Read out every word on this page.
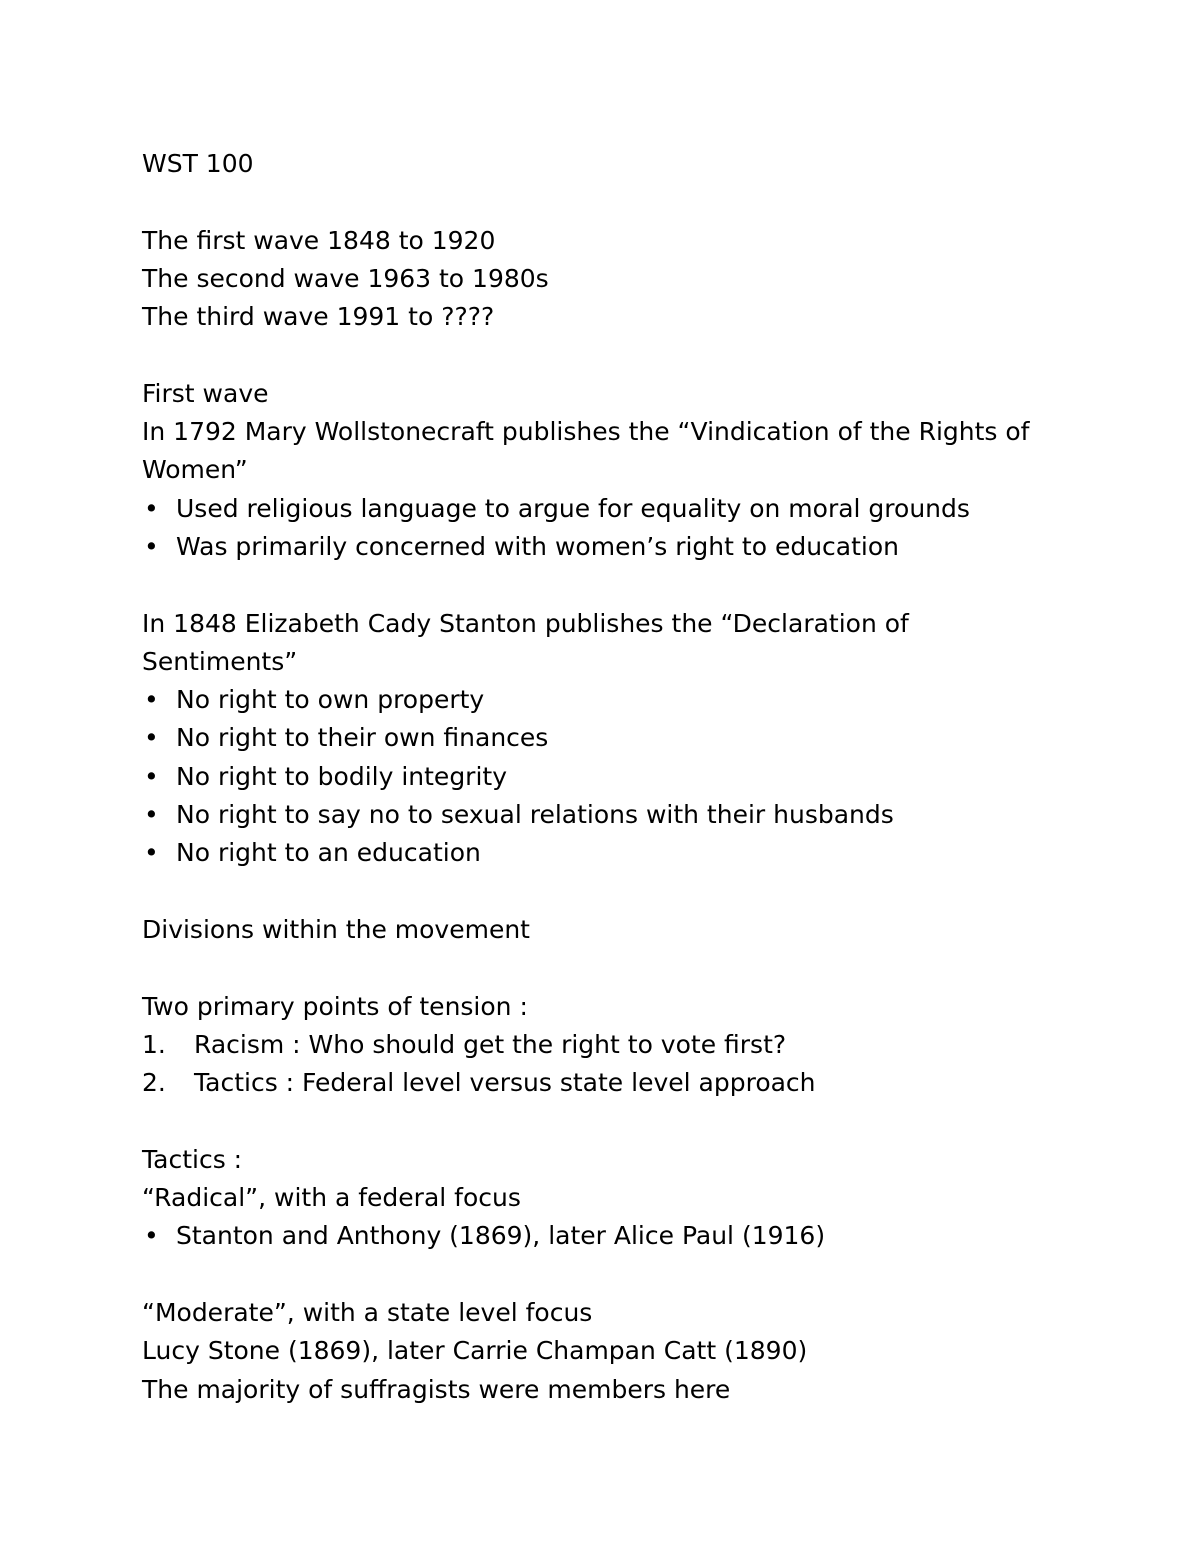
WST 100
The first wave 1848 to 1920
The second wave 1963 to 1980s
The third wave 1991 to ????
First wave
In 1792 Mary Wollstonecraft publishes the “Vindication of the Rights of
Women”
• Used religious language to argue for equality on moral grounds
• Was primarily concerned with women’s right to education
In 1848 Elizabeth Cady Stanton publishes the “Declaration of
Sentiments”
• No right to own property
• No right to their own finances
• No right to bodily integrity
• No right to say no to sexual relations with their husbands
• No right to an education
Divisions within the movement
Two primary points of tension :
1. Racism : Who should get the right to vote first?
2. Tactics : Federal level versus state level approach
Tactics :
“Radical”, with a federal focus
• Stanton and Anthony (1869), later Alice Paul (1916)
“Moderate”, with a state level focus
Lucy Stone (1869), later Carrie Champan Catt (1890)
The majority of suffragists were members here
